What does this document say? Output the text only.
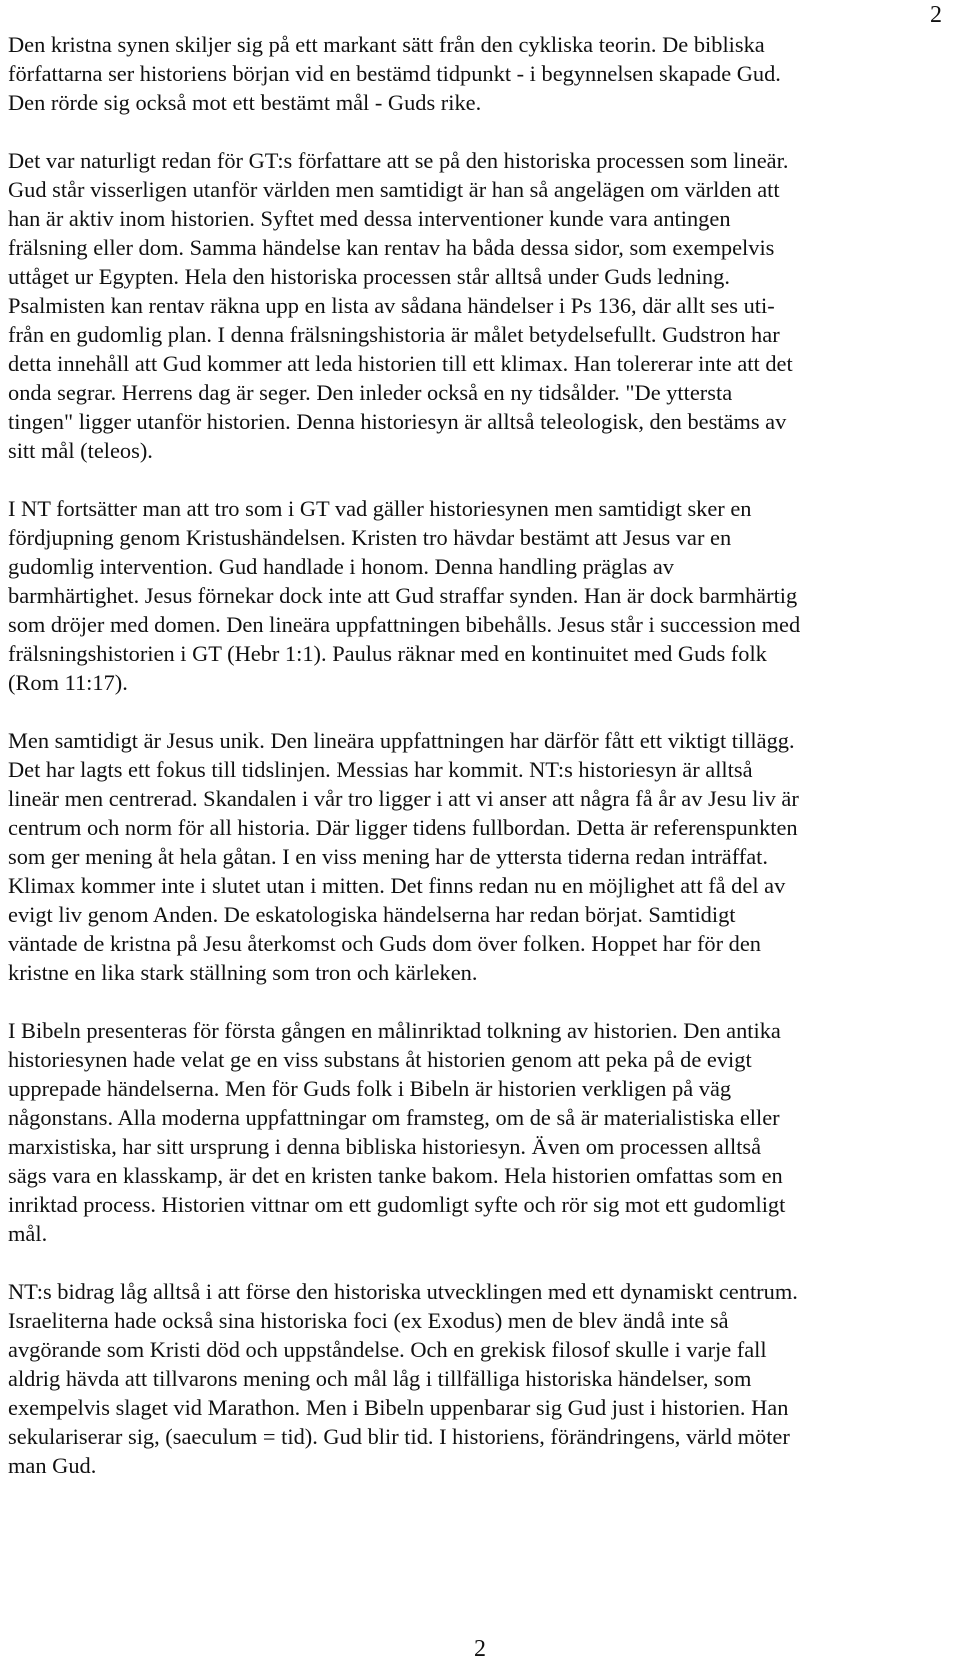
2

Den kristna synen skiljer sig på ett markant sätt från den cykliska teorin. De bibliska
författarna ser historiens början vid en bestämd tidpunkt - i begynnelsen skapade Gud.
Den rörde sig också mot ett bestämt mål - Guds rike.

Det var naturligt redan för GT:s författare att se på den historiska processen som lineär.
Gud står visserligen utanför världen men samtidigt är han så angelägen om världen att
han är aktiv inom historien. Syftet med dessa interventioner kunde vara antingen
frälsning eller dom. Samma händelse kan rentav ha båda dessa sidor, som exempelvis
uttåget ur Egypten. Hela den historiska processen står alltså under Guds ledning.
Psalmisten kan rentav räkna upp en lista av sådana händelser i Ps 136, där allt ses uti-
från en gudomlig plan. I denna frälsningshistoria är målet betydelsefullt. Gudstron har
detta innehåll att Gud kommer att leda historien till ett klimax. Han tolererar inte att det
onda segrar. Herrens dag är seger. Den inleder också en ny tidsålder. "De yttersta
tingen" ligger utanför historien. Denna historiesyn är alltså teleologisk, den bestäms av
sitt mål (teleos).

I NT fortsätter man att tro som i GT vad gäller historiesynen men samtidigt sker en
fördjupning genom Kristushändelsen. Kristen tro hävdar bestämt att Jesus var en
gudomlig intervention. Gud handlade i honom. Denna handling präglas av
barmhärtighet. Jesus förnekar dock inte att Gud straffar synden. Han är dock barmhärtig
som dröjer med domen. Den lineära uppfattningen bibehålls. Jesus står i succession med
frälsningshistorien i GT (Hebr 1:1). Paulus räknar med en kontinuitet med Guds folk
(Rom 11:17).

Men samtidigt är Jesus unik. Den lineära uppfattningen har därför fått ett viktigt tillägg.
Det har lagts ett fokus till tidslinjen. Messias har kommit. NT:s historiesyn är alltså
lineär men centrerad. Skandalen i vår tro ligger i att vi anser att några få år av Jesu liv är
centrum och norm för all historia. Där ligger tidens fullbordan. Detta är referenspunkten
som ger mening åt hela gåtan. I en viss mening har de yttersta tiderna redan inträffat.
Klimax kommer inte i slutet utan i mitten. Det finns redan nu en möjlighet att få del av
evigt liv genom Anden. De eskatologiska händelserna har redan börjat. Samtidigt
väntade de kristna på Jesu återkomst och Guds dom över folken. Hoppet har för den
kristne en lika stark ställning som tron och kärleken.

I Bibeln presenteras för första gången en målinriktad tolkning av historien. Den antika
historiesynen hade velat ge en viss substans åt historien genom att peka på de evigt
upprepade händelserna. Men för Guds folk i Bibeln är historien verkligen på väg
någonstans. Alla moderna uppfattningar om framsteg, om de så är materialistiska eller
marxistiska, har sitt ursprung i denna bibliska historiesyn. Även om processen alltså
sägs vara en klasskamp, är det en kristen tanke bakom. Hela historien omfattas som en
inriktad process. Historien vittnar om ett gudomligt syfte och rör sig mot ett gudomligt
mål.

NT:s bidrag låg alltså i att förse den historiska utvecklingen med ett dynamiskt centrum.
Israeliterna hade också sina historiska foci (ex Exodus) men de blev ändå inte så
avgörande som Kristi död och uppståndelse. Och en grekisk filosof skulle i varje fall
aldrig hävda att tillvarons mening och mål låg i tillfälliga historiska händelser, som
exempelvis slaget vid Marathon. Men i Bibeln uppenbarar sig Gud just i historien. Han
sekulariserar sig, (saeculum = tid). Gud blir tid. I historiens, förändringens, värld möter
man Gud.

2
